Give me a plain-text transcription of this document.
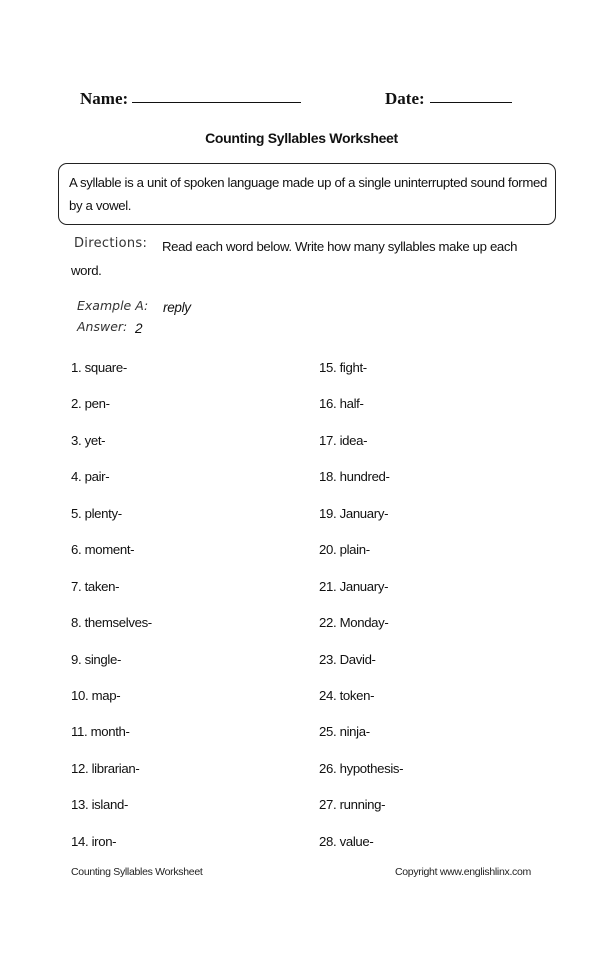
Name:	Date:
Counting Syllables Worksheet
A syllable is a unit of spoken language made up of a single uninterrupted sound formed by a vowel.
Directions: Read each word below. Write how many syllables make up each
word.
Example A: reply
Answer: 2
1. square-
2. pen-
3. yet-
4. pair-
5. plenty-
6. moment-
7. taken-
8. themselves-
9. single-
10. map-
11. month-
12. librarian-
13. island-
14. iron-
15. fight-
16. half-
17. idea-
18. hundred-
19. January-
20. plain-
21. January-
22. Monday-
23. David-
24. token-
25. ninja-
26. hypothesis-
27. running-
28. value-
Counting Syllables Worksheet	Copyright www.englishlinx.com
